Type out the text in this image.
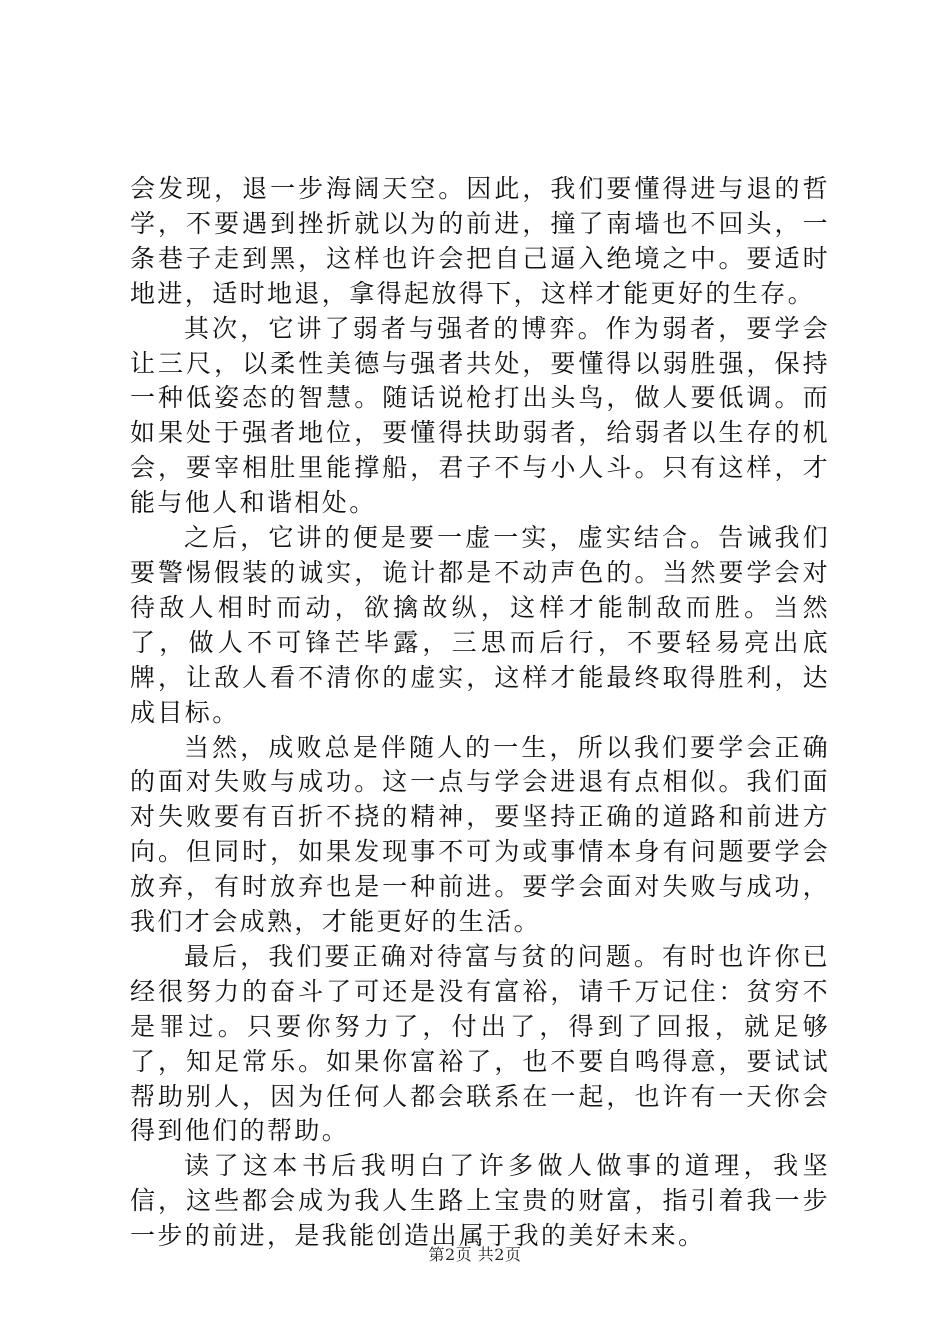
会发现，退一步海阔天空。因此，我们要懂得进与退的哲学，不要遇到挫折就以为的前进，撞了南墙也不回头，一条巷子走到黑，这样也许会把自己逼入绝境之中。要适时地进，适时地退，拿得起放得下，这样才能更好的生存。

其次，它讲了弱者与强者的博弈。作为弱者，要学会让三尺，以柔性美德与强者共处，要懂得以弱胜强，保持一种低姿态的智慧。随话说枪打出头鸟，做人要低调。而如果处于强者地位，要懂得扶助弱者，给弱者以生存的机会，要宰相肚里能撑船，君子不与小人斗。只有这样，才能与他人和谐相处。

之后，它讲的便是要一虚一实，虚实结合。告诫我们要警惕假装的诚实，诡计都是不动声色的。当然要学会对待敌人相时而动，欲擒故纵，这样才能制敌而胜。当然了，做人不可锋芒毕露，三思而后行，不要轻易亮出底牌，让敌人看不清你的虚实，这样才能最终取得胜利，达成目标。

当然，成败总是伴随人的一生，所以我们要学会正确的面对失败与成功。这一点与学会进退有点相似。我们面对失败要有百折不挠的精神，要坚持正确的道路和前进方向。但同时，如果发现事不可为或事情本身有问题要学会放弃，有时放弃也是一种前进。要学会面对失败与成功，我们才会成熟，才能更好的生活。

最后，我们要正确对待富与贫的问题。有时也许你已经很努力的奋斗了可还是没有富裕，请千万记住：贫穷不是罪过。只要你努力了，付出了，得到了回报，就足够了，知足常乐。如果你富裕了，也不要自鸣得意，要试试帮助别人，因为任何人都会联系在一起，也许有一天你会得到他们的帮助。

读了这本书后我明白了许多做人做事的道理，我坚信，这些都会成为我人生路上宝贵的财富，指引着我一步一步的前进，是我能创造出属于我的美好未来。

第2页 共2页
